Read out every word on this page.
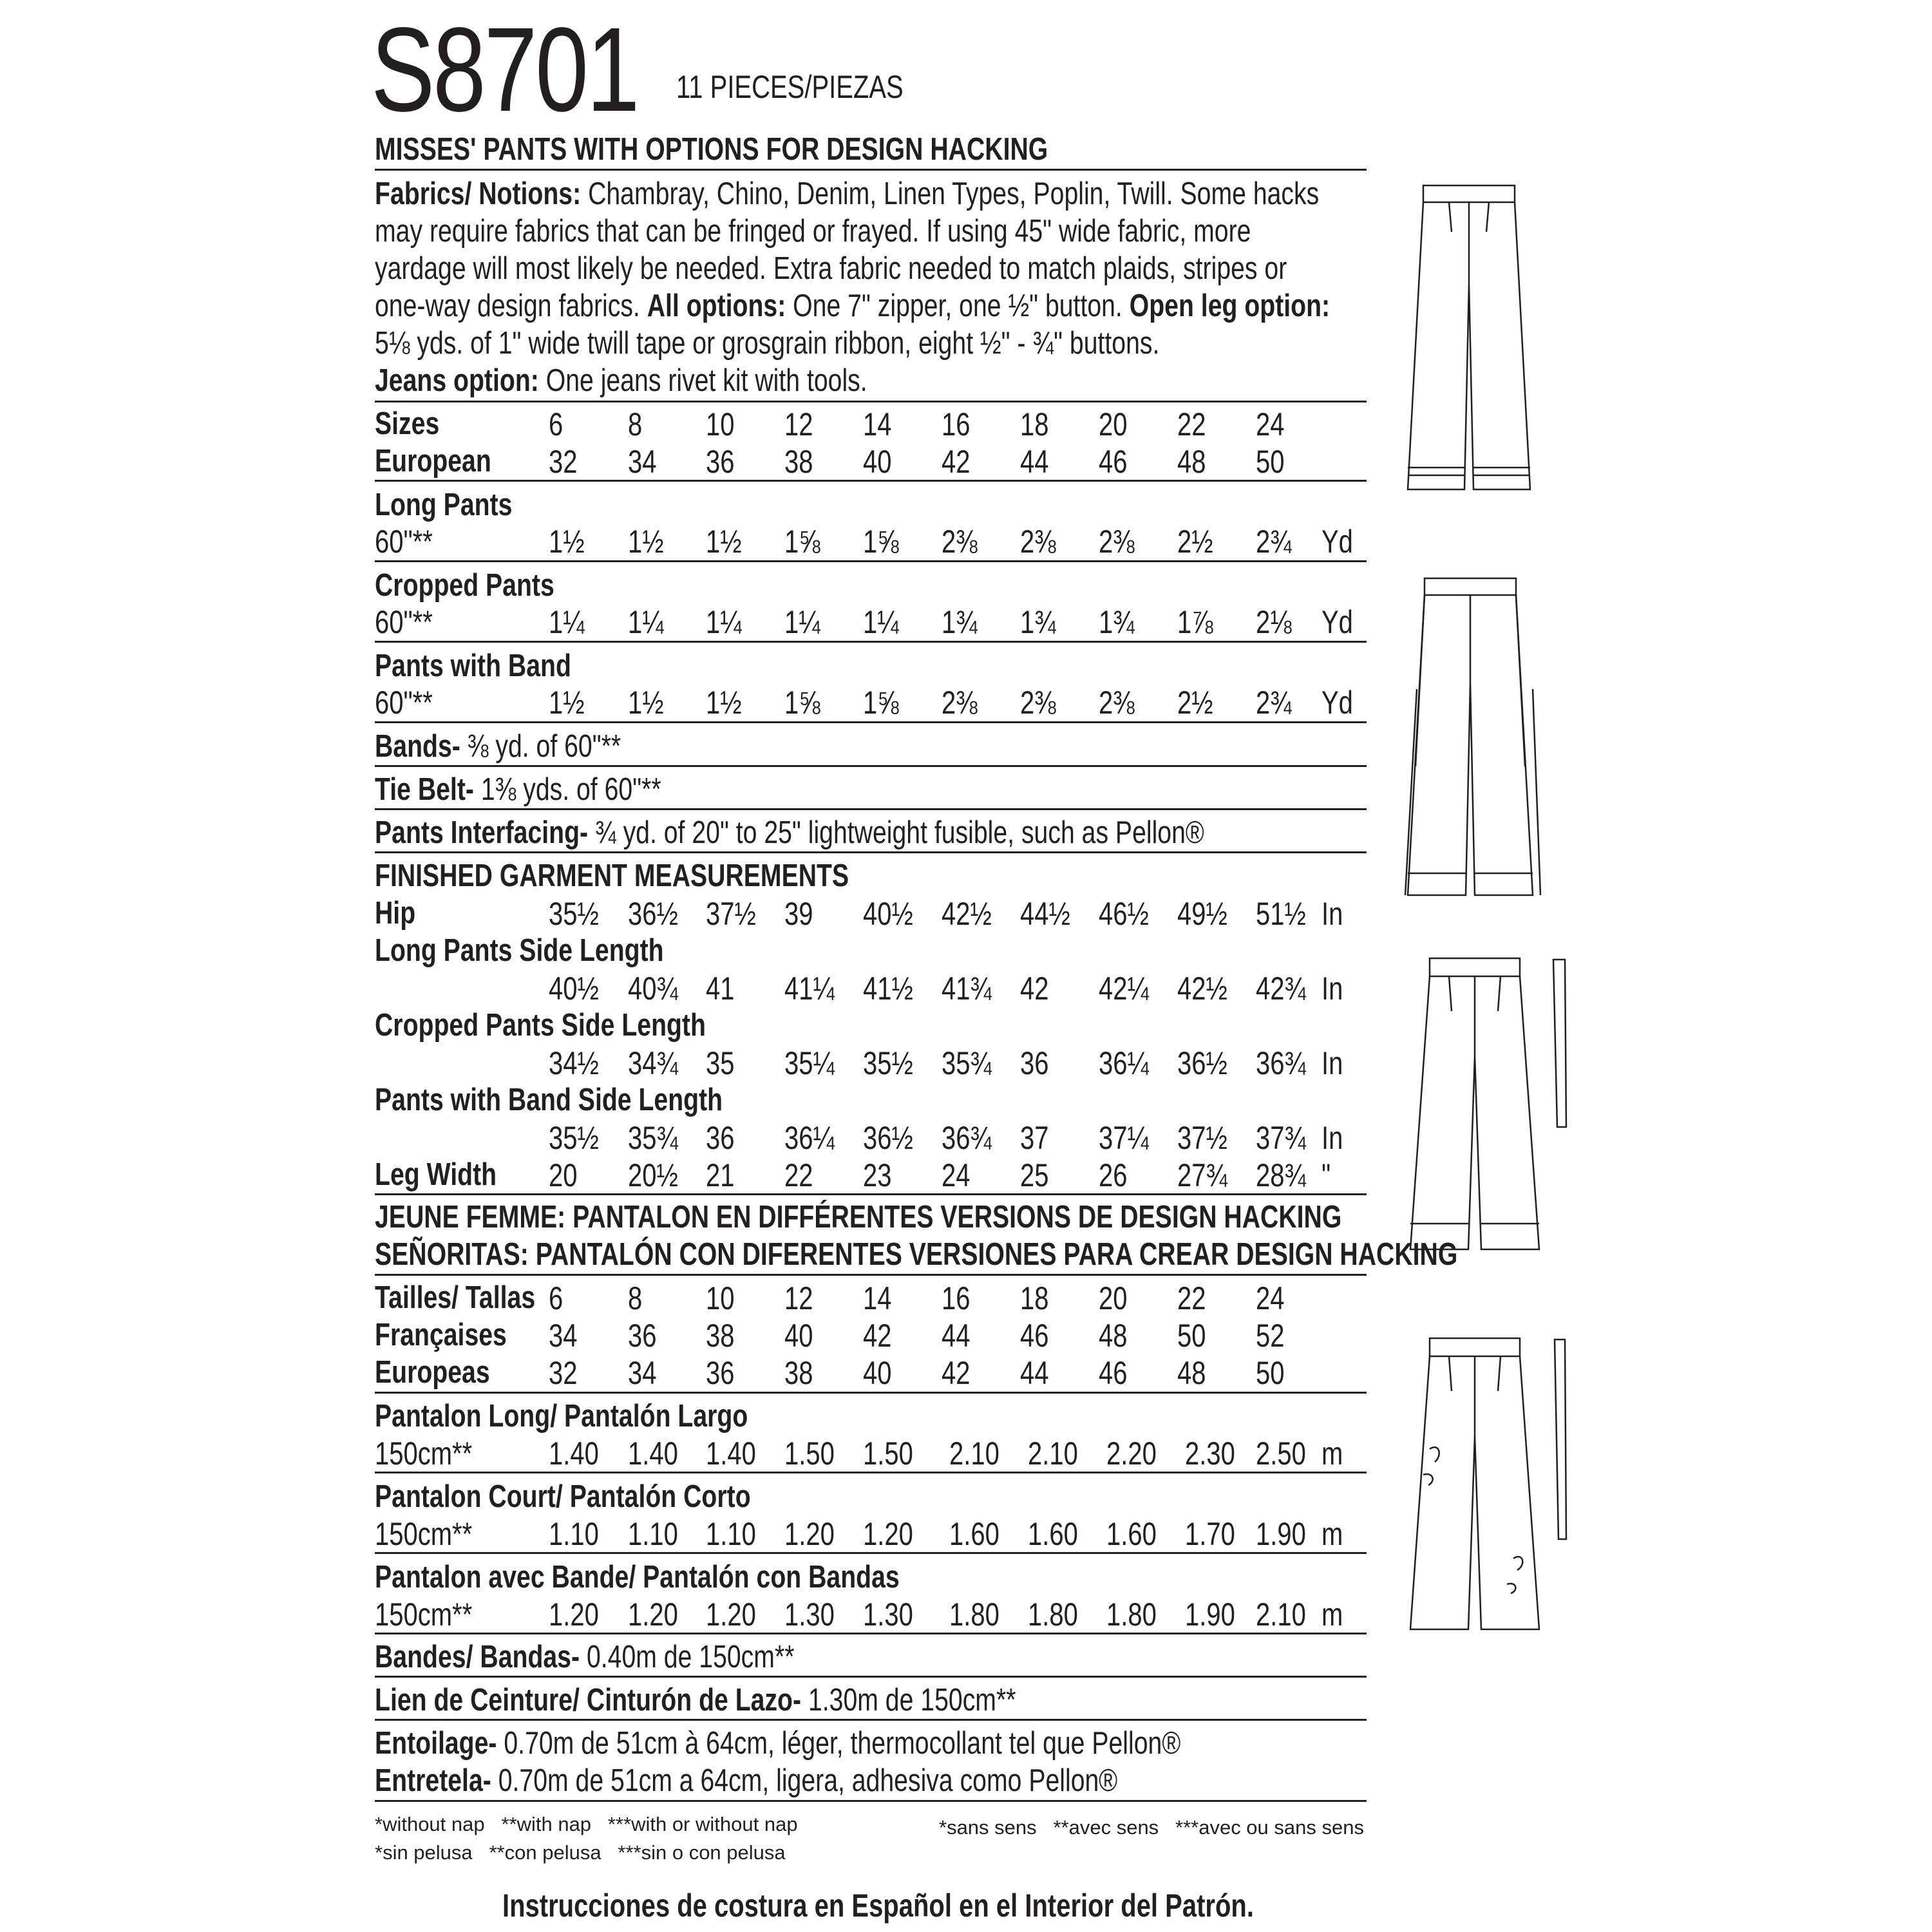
S8701 11 PIECES/PIEZAS
MISSES' PANTS WITH OPTIONS FOR DESIGN HACKING
Fabrics/ Notions: Chambray, Chino, Denim, Linen Types, Poplin, Twill. Some hacks
may require fabrics that can be fringed or frayed. If using 45" wide fabric, more
yardage will most likely be needed. Extra fabric needed to match plaids, stripes or
one-way design fabrics. All options: One 7" zipper, one ½" button. Open leg option:
5⅛ yds. of 1" wide twill tape or grosgrain ribbon, eight ½" - ¾" buttons.
Jeans option: One jeans rivet kit with tools.
Sizes	6 8 10 12 14 16 18 20 22 24
European 32 34 36 38 40 42 44 46 48 50
Long Pants
60"**	1½ 1½ 1½ 1⅝ 1⅝ 2⅜ 2⅜ 2⅜ 2½ 2¾ Yd
Cropped Pants
60"**	1¼ 1¼ 1¼ 1¼ 1¼ 1¾ 1¾ 1¾ 1⅞ 2⅛ Yd
Pants with Band
60"**	1½ 1½ 1½ 1⅝ 1⅝ 2⅜ 2⅜ 2⅜ 2½ 2¾ Yd
Bands- ⅜ yd. of 60"**
Tie Belt- 1⅜ yds. of 60"**
Pants Interfacing- ¾ yd. of 20" to 25" lightweight fusible, such as Pellon®
FINISHED GARMENT MEASUREMENTS
Hip	35½ 36½ 37½ 39 40½ 42½ 44½ 46½ 49½ 51½ In
Long Pants Side Length
40½ 40¾ 41 41¼ 41½ 41¾ 42 42¼ 42½ 42¾ In
Cropped Pants Side Length
34½ 34¾ 35 35¼ 35½ 35¾ 36 36¼ 36½ 36¾ In
Pants with Band Side Length
35½ 35¾ 36 36¼ 36½ 36¾ 37 37¼ 37½ 37¾ In
Leg Width 20 20½ 21 22 23 24 25 26 27¾ 28¾ "
JEUNE FEMME: PANTALON EN DIFFÉRENTES VERSIONS DE DESIGN HACKING
SEÑORITAS: PANTALÓN CON DIFERENTES VERSIONES PARA CREAR DESIGN HACKING
Tailles/ Tallas 6 8 10 12 14 16 18 20 22 24
Françaises 34 36 38 40 42 44 46 48 50 52
Europeas 32 34 36 38 40 42 44 46 48 50
Pantalon Long/ Pantalón Largo
150cm** 1.40 1.40 1.40 1.50 1.50 2.10 2.10 2.20 2.30 2.50 m
Pantalon Court/ Pantalón Corto
150cm** 1.10 1.10 1.10 1.20 1.20 1.60 1.60 1.60 1.70 1.90 m
Pantalon avec Bande/ Pantalón con Bandas
150cm** 1.20 1.20 1.20 1.30 1.30 1.80 1.80 1.80 1.90 2.10 m
Bandes/ Bandas- 0.40m de 150cm**
Lien de Ceinture/ Cinturón de Lazo- 1.30m de 150cm**
Entoilage- 0.70m de 51cm à 64cm, léger, thermocollant tel que Pellon®
Entretela- 0.70m de 51cm a 64cm, ligera, adhesiva como Pellon®
*without nap   **with nap   ***with or without nap
*sin pelusa   **con pelusa   ***sin o con pelusa
*sans sens   **avec sens   ***avec ou sans sens
Instrucciones de costura en Español en el Interior del Patrón.
